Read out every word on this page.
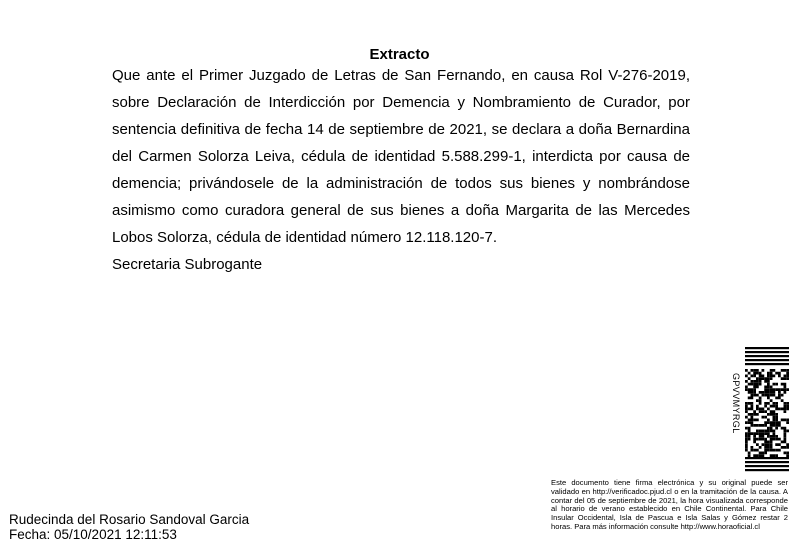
Extracto

Que ante el Primer Juzgado de Letras de San Fernando, en causa Rol V-276-2019, sobre Declaración de Interdicción por Demencia y Nombramiento de Curador, por sentencia definitiva de fecha 14 de septiembre de 2021, se declara a doña Bernardina del Carmen Solorza Leiva, cédula de identidad 5.588.299-1, interdicta por causa de demencia; privándosele de la administración de todos sus bienes y nombrándose asimismo como curadora general de sus bienes a doña Margarita de las Mercedes Lobos Solorza, cédula de identidad número 12.118.120-7.

Secretaria Subrogante

GPVVMYRGL
Este documento tiene firma electrónica y su original puede ser validado en http://verificadoc.pjud.cl o en la tramitación de la causa. A contar del 05 de septiembre de 2021, la hora visualizada corresponde al horario de verano establecido en Chile Continental. Para Chile Insular Occidental, Isla de Pascua e Isla Salas y Gómez restar 2 horas. Para más información consulte http://www.horaoficial.cl
Rudecinda del Rosario Sandoval Garcia
Fecha: 05/10/2021 12:11:53
